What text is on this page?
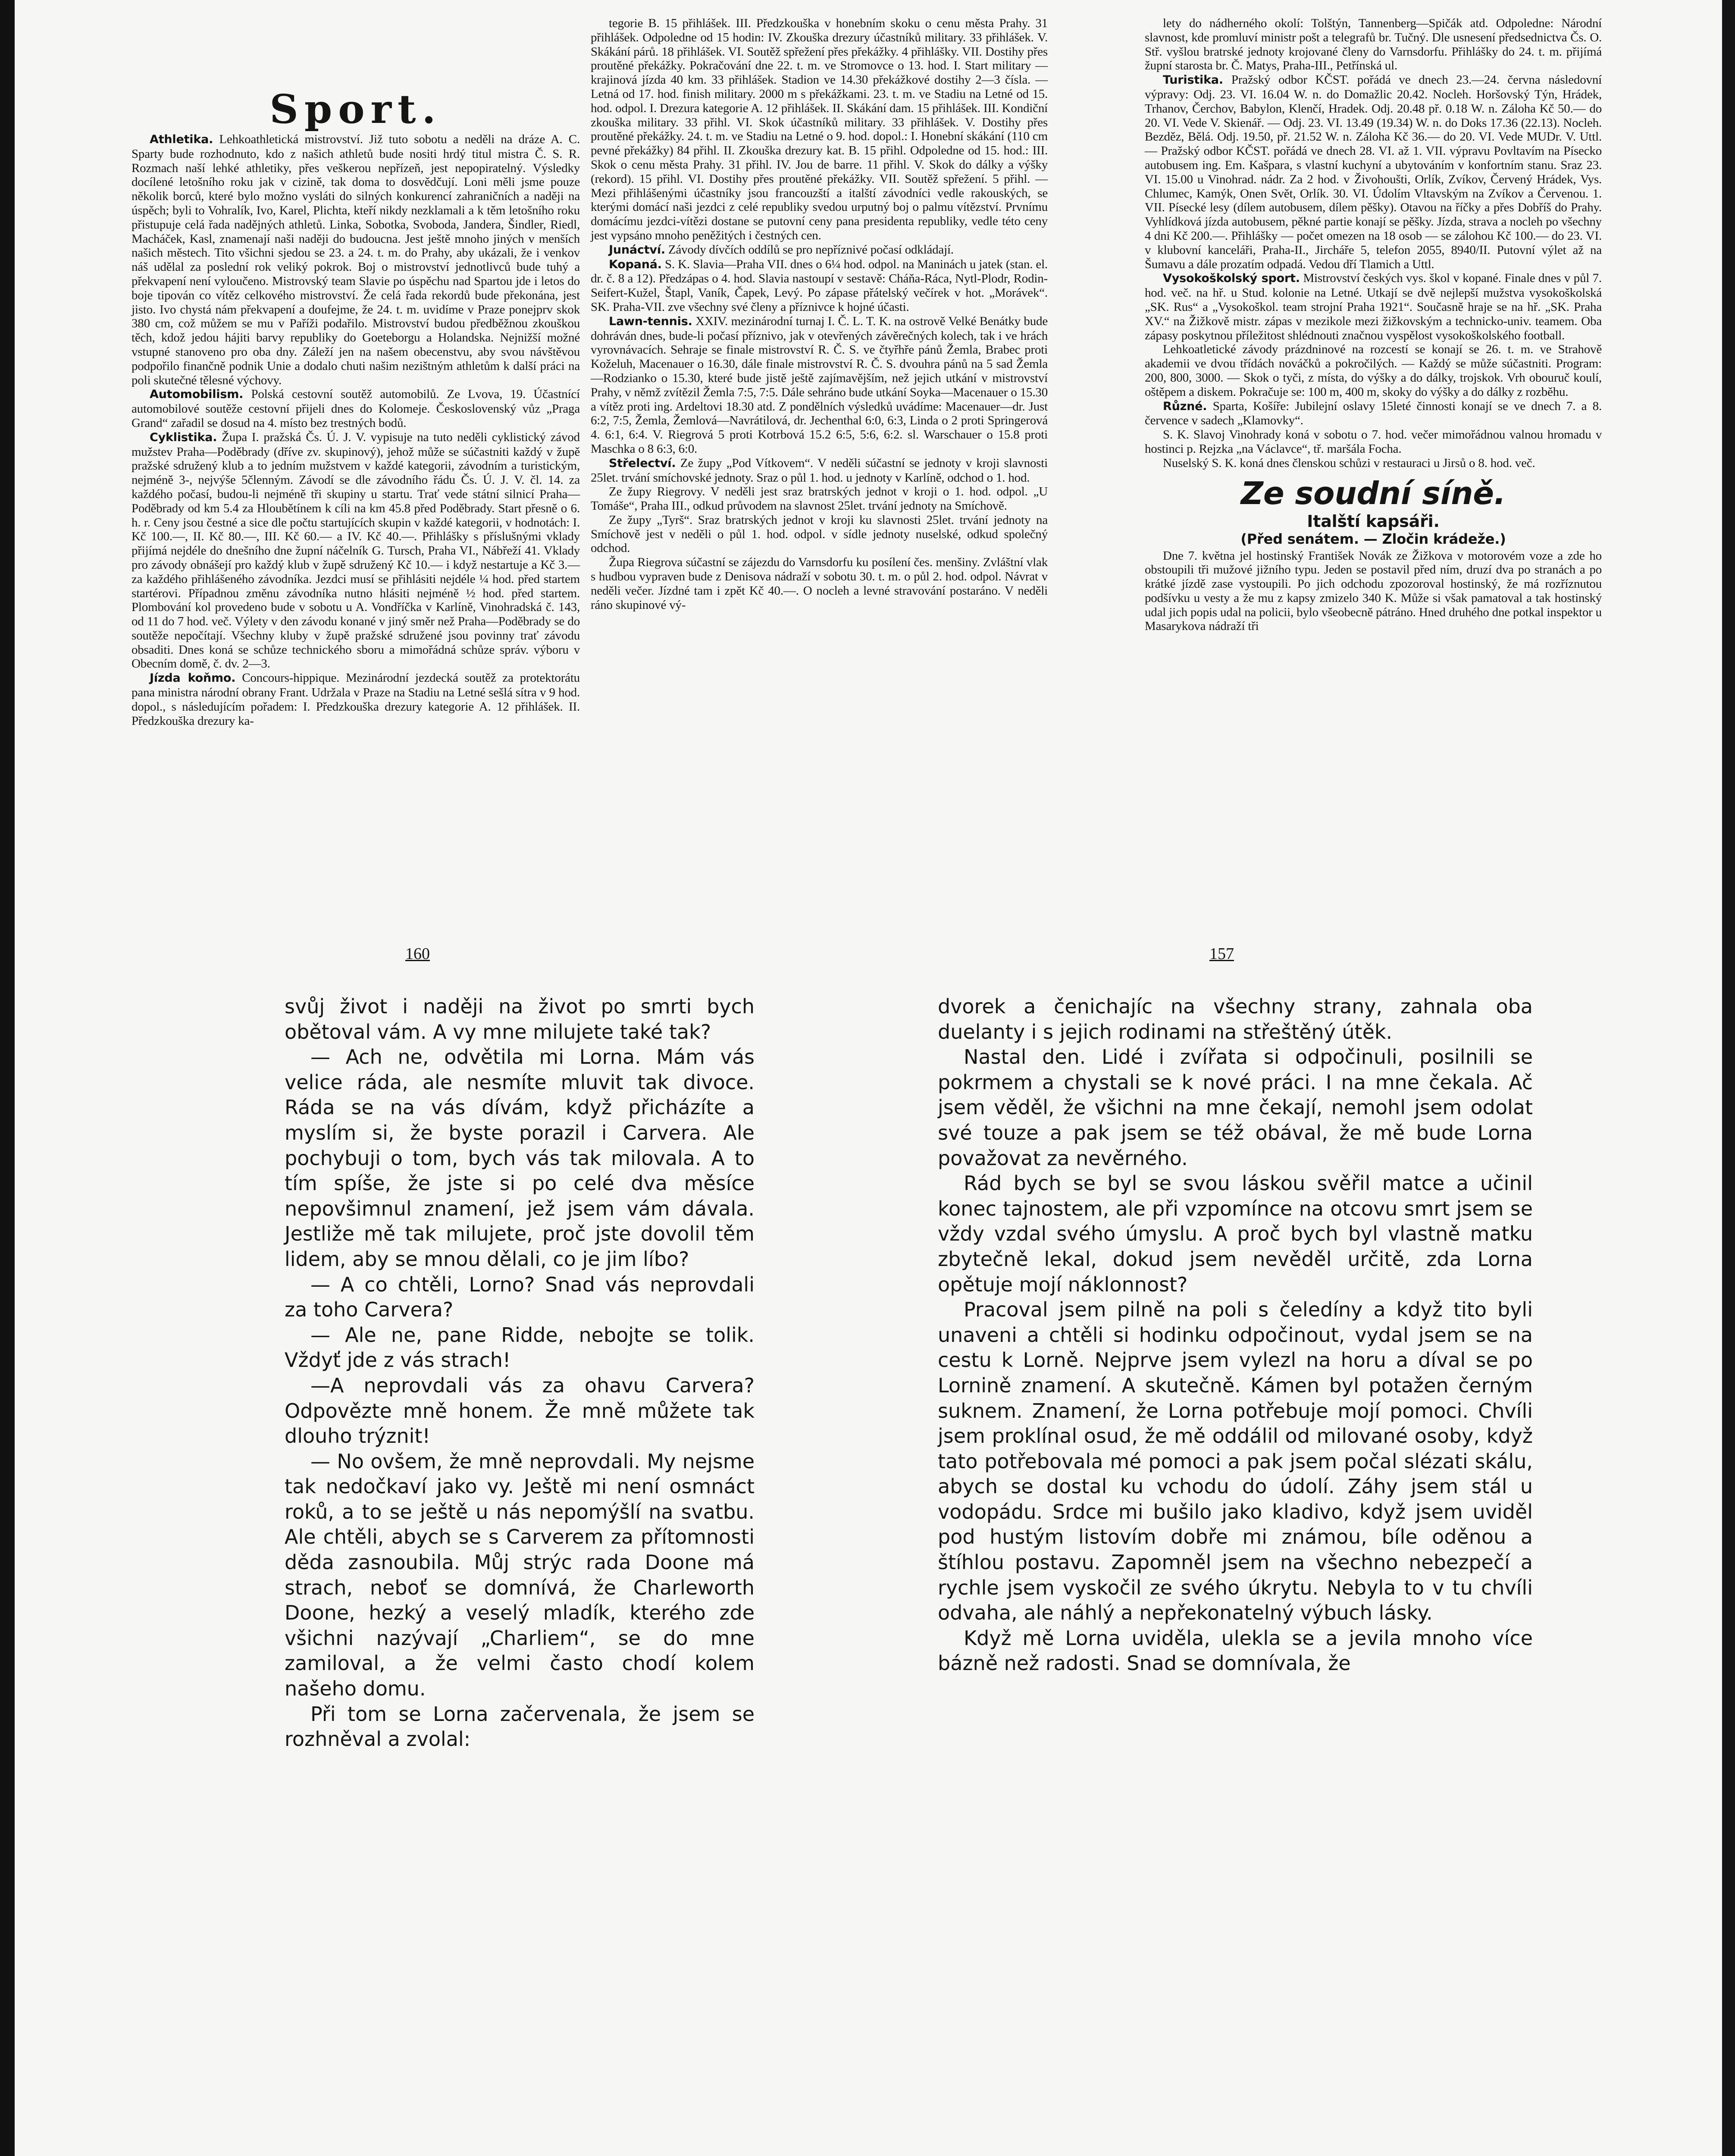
Sport.

Athletika. Lehkoathletická mistrovství. Již tuto sobotu a neděli na dráze A. C. Sparty bude rozhodnuto, kdo z našich athletů bude nositi hrdý titul mistra Č. S. R. Rozmach naší lehké athletiky, přes veškerou nepřízeň, jest nepopiratelný. Výsledky docílené letošního roku jak v cizině, tak doma to dosvědčují. Loni měli jsme pouze několik borců, které bylo možno vysláti do silných konkurencí zahraničních a naději na úspěch; byli to Vohralík, Ivo, Karel, Plichta, kteří nikdy nezklamali a k těm letošního roku přistupuje celá řada nadějných athletů. Linka, Sobotka, Svoboda, Jandera, Šindler, Riedl, Macháček, Kasl, znamenají naši naději do budoucna. Jest ještě mnoho jiných v menších našich městech. Tito všichni sjedou se 23. a 24. t. m. do Prahy, aby ukázali, že i venkov náš udělal za poslední rok veliký pokrok. Boj o mistrovství jednotlivců bude tuhý a překvapení není vyloučeno. Mistrovský team Slavie po úspěchu nad Spartou jde i letos do boje tipován co vítěz celkového mistrovství. Že celá řada rekordů bude překonána, jest jisto. Ivo chystá nám překvapení a doufejme, že 24. t. m. uvidíme v Praze ponejprv skok 380 cm, což můžem se mu v Paříži podařilo. Mistrovství budou předběžnou zkouškou těch, kdož jedou hájiti barvy republiky do Goeteborgu a Holandska. Nejnižší možné vstupné stanoveno pro oba dny. Záleží jen na našem obecenstvu, aby svou návštěvou podpořilo finančně podnik Unie a dodalo chuti našim nezištným athletům k další práci na poli skutečné tělesné výchovy.

Automobilism. Polská cestovní soutěž automobilů. Ze Lvova, 19. Účastnící automobilové soutěže cestovní přijeli dnes do Kolomeje. Československý vůz „Praga Grand“ zařadil se dosud na 4. místo bez trestných bodů.

Cyklistika. Župa I. pražská Čs. Ú. J. V. vypisuje na tuto neděli cyklistický závod mužstev Praha—Poděbrady (dříve zv. skupinový), jehož může se súčastniti každý v župě pražské sdružený klub a to jedním mužstvem v každé kategorii, závodním a turistickým, nejméně 3-, nejvýše 5členným. Závodí se dle závodního řádu Čs. Ú. J. V. čl. 14. za každého počasí, budou-li nejméně tři skupiny u startu. Trať vede státní silnicí Praha—Poděbrady od km 5.4 za Hloubětínem k cíli na km 45.8 před Poděbrady. Start přesně o 6. h. r. Ceny jsou čestné a sice dle počtu startujících skupin v každé kategorii, v hodnotách: I. Kč 100.—, II. Kč 80.—, III. Kč 60.— a IV. Kč 40.—. Přihlášky s příslušnými vklady přijímá nejdéle do dnešního dne župní náčelník G. Tursch, Praha VI., Nábřeží 41. Vklady pro závody obnášejí pro každý klub v župě sdružený Kč 10.— i když nestartuje a Kč 3.— za každého přihlášeného závodníka. Jezdci musí se přihlásiti nejdéle ¼ hod. před startem startérovi. Případnou změnu závodníka nutno hlásiti nejméně ½ hod. před startem. Plombování kol provedeno bude v sobotu u A. Vondříčka v Karlíně, Vinohradská č. 143, od 11 do 7 hod. več. Výlety v den závodu konané v jiný směr než Praha—Poděbrady se do soutěže nepočítají. Všechny kluby v župě pražské sdružené jsou povinny trať závodu obsaditi. Dnes koná se schůze technického sboru a mimořádná schůze správ. výboru v Obecním domě, č. dv. 2—3.

Jízda koňmo. Concours-hippique. Mezinárodní jezdecká soutěž za protektorátu pana ministra národní obrany Frant. Udržala v Praze na Stadiu na Letné sešlá sítra v 9 hod. dopol., s následujícím pořadem: I. Předzkouška drezury kategorie A. 12 přihlášek. II. Předzkouška drezury ka-

tegorie B. 15 přihlášek. III. Předzkouška v honebním skoku o cenu města Prahy. 31 přihlášek. Odpoledne od 15 hodin: IV. Zkouška drezury účastníků military. 33 přihlášek. V. Skákání párů. 18 přihlášek. VI. Soutěž spřežení přes překážky. 4 přihlášky. VII. Dostihy přes proutěné překážky. Pokračování dne 22. t. m. ve Stromovce o 13. hod. I. Start military — krajinová jízda 40 km. 33 přihlášek. Stadion ve 14.30 překážkové dostihy 2—3 čísla. — Letná od 17. hod. finish military. 2000 m s překážkami. 23. t. m. ve Stadiu na Letné od 15. hod. odpol. I. Drezura kategorie A. 12 přihlášek. II. Skákání dam. 15 přihlášek. III. Kondiční zkouška military. 33 přihl. VI. Skok účastníků military. 33 přihlášek. V. Dostihy přes proutěné překážky. 24. t. m. ve Stadiu na Letné o 9. hod. dopol.: I. Honební skákání (110 cm pevné překážky) 84 přihl. II. Zkouška drezury kat. B. 15 přihl. Odpoledne od 15. hod.: III. Skok o cenu města Prahy. 31 přihl. IV. Jou de barre. 11 přihl. V. Skok do dálky a výšky (rekord). 15 přihl. VI. Dostihy přes proutěné překážky. VII. Soutěž spřežení. 5 přihl. — Mezi přihlášenými účastníky jsou francouzští a italští závodníci vedle rakouských, se kterými domácí naši jezdci z celé republiky svedou urputný boj o palmu vítězství. Prvnímu domácímu jezdci-vítězi dostane se putovní ceny pana presidenta republiky, vedle této ceny jest vypsáno mnoho peněžitých i čestných cen.

Junáctví. Závody dívčích oddílů se pro nepříznivé počasí odkládají.

Kopaná. S. K. Slavia—Praha VII. dnes o 6¼ hod. odpol. na Maninách u jatek (stan. el. dr. č. 8 a 12). Předzápas o 4. hod. Slavia nastoupí v sestavě: Cháňa-Ráca, Nytl-Plodr, Rodin-Seifert-Kužel, Štapl, Vaník, Čapek, Levý. Po zápase přátelský večírek v hot. „Morávek“. SK. Praha-VII. zve všechny své členy a příznivce k hojné účasti.

Lawn-tennis. XXIV. mezinárodní turnaj I. Č. L. T. K. na ostrově Velké Benátky bude dohráván dnes, bude-li počasí příznivo, jak v otevřených závěrečných kolech, tak i ve hrách vyrovnávacích. Sehraje se finale mistrovství R. Č. S. ve čtyřhře pánů Žemla, Brabec proti Koželuh, Macenauer o 16.30, dále finale mistrovství R. Č. S. dvouhra pánů na 5 sad Žemla—Rodzianko o 15.30, které bude jistě ještě zajímavějším, než jejich utkání v mistrovství Prahy, v němž zvítězil Žemla 7:5, 7:5. Dále sehráno bude utkání Soyka—Macenauer o 15.30 a vítěz proti ing. Ardeltovi 18.30 atd. Z pondělních výsledků uvádíme: Macenauer—dr. Just 6:2, 7:5, Žemla, Žemlová—Navrátilová, dr. Jechenthal 6:0, 6:3, Linda o 2 proti Springerová 4. 6:1, 6:4. V. Riegrová 5 proti Kotrbová 15.2 6:5, 5:6, 6:2. sl. Warschauer o 15.8 proti Maschka o 8 6:3, 6:0.

Střelectví. Ze župy „Pod Vítkovem“. V neděli súčastní se jednoty v kroji slavnosti 25let. trvání smíchovské jednoty. Sraz o půl 1. hod. u jednoty v Karlíně, odchod o 1. hod.

Ze župy Riegrovy. V neděli jest sraz bratrských jednot v kroji o 1. hod. odpol. „U Tomáše“, Praha III., odkud průvodem na slavnost 25let. trvání jednoty na Smíchově.

Ze župy „Tyrš“. Sraz bratrských jednot v kroji ku slavnosti 25let. trvání jednoty na Smíchově jest v neděli o půl 1. hod. odpol. v sídle jednoty nuselské, odkud společný odchod.

Župa Riegrova súčastní se zájezdu do Varnsdorfu ku posílení čes. menšiny. Zvláštní vlak s hudbou vypraven bude z Denisova nádraží v sobotu 30. t. m. o půl 2. hod. odpol. Návrat v neděli večer. Jízdné tam i zpět Kč 40.—. O nocleh a levné stravování postaráno. V neděli ráno skupinové vý-

lety do nádherného okolí: Tolštýn, Tannenberg—Spičák atd. Odpoledne: Národní slavnost, kde promluví ministr pošt a telegrafů br. Tučný. Dle usnesení předsednictva Čs. O. Stř. vyšlou bratrské jednoty krojované členy do Varnsdorfu. Přihlášky do 24. t. m. přijímá župní starosta br. Č. Matys, Praha-III., Petřínská ul.

Turistika. Pražský odbor KČST. pořádá ve dnech 23.—24. června následovní výpravy: Odj. 23. VI. 16.04 W. n. do Domažlic 20.42. Nocleh. Horšovský Týn, Hrádek, Trhanov, Čerchov, Babylon, Klenčí, Hradek. Odj. 20.48 př. 0.18 W. n. Záloha Kč 50.— do 20. VI. Vede V. Skienář. — Odj. 23. VI. 13.49 (19.34) W. n. do Doks 17.36 (22.13). Nocleh. Bezděz, Bělá. Odj. 19.50, př. 21.52 W. n. Záloha Kč 36.— do 20. VI. Vede MUDr. V. Uttl. — Pražský odbor KČST. pořádá ve dnech 28. VI. až 1. VII. výpravu Povltavím na Písecko autobusem ing. Em. Kašpara, s vlastní kuchyní a ubytováním v konfortním stanu. Sraz 23. VI. 15.00 u Vinohrad. nádr. Za 2 hod. v Živohoušti, Orlík, Zvíkov, Červený Hrádek, Vys. Chlumec, Kamýk, Onen Svět, Orlík. 30. VI. Údolím Vltavským na Zvíkov a Červenou. 1. VII. Písecké lesy (dílem autobusem, dílem pěšky). Otavou na říčky a přes Dobříš do Prahy. Vyhlídková jízda autobusem, pěkné partie konají se pěšky. Jízda, strava a nocleh po všechny 4 dni Kč 200.—. Přihlášky — počet omezen na 18 osob — se zálohou Kč 100.— do 23. VI. v klubovní kanceláři, Praha-II., Jircháře 5, telefon 2055, 8940/II. Putovní výlet až na Šumavu a dále prozatím odpadá. Vedou dří Tlamich a Uttl.

Vysokoškolský sport. Mistrovství českých vys. škol v kopané. Finale dnes v půl 7. hod. več. na hř. u Stud. kolonie na Letné. Utkají se dvě nejlepší mužstva vysokoškolská „SK. Rus“ a „Vysokoškol. team strojní Praha 1921“. Současně hraje se na hř. „SK. Praha XV.“ na Žižkově mistr. zápas v mezikole mezi žižkovským a technicko-univ. teamem. Oba zápasy poskytnou příležitost shlédnouti značnou vyspělost vysokoškolského football.

Lehkoatletické závody prázdninové na rozcestí se konají se 26. t. m. ve Strahově akademii ve dvou třídách nováčků a pokročilých. — Každý se může súčastniti. Program: 200, 800, 3000. — Skok o tyči, z místa, do výšky a do dálky, trojskok. Vrh obouruč koulí, oštěpem a diskem. Pokračuje se: 100 m, 400 m, skoky do výšky a do dálky z rozběhu.

Různé. Sparta, Košíře: Jubilejní oslavy 15leté činnosti konají se ve dnech 7. a 8. července v sadech „Klamovky“.

S. K. Slavoj Vinohrady koná v sobotu o 7. hod. večer mimořádnou valnou hromadu v hostinci p. Rejzka „na Václavce“, tř. maršála Focha.

Nuselský S. K. koná dnes členskou schůzi v restauraci u Jirsů o 8. hod. več.

Ze soudní síně.
Italští kapsáři.
(Před senátem. — Zločin krádeže.)

Dne 7. května jel hostinský František Novák ze Žižkova v motorovém voze a zde ho obstoupili tři mužové jižního typu. Jeden se postavil před ním, druzí dva po stranách a po krátké jízdě zase vystoupili. Po jich odchodu zpozoroval hostinský, že má rozříznutou podšívku u vesty a že mu z kapsy zmizelo 340 K. Může si však pamatoval a tak hostinský udal jich popis udal na policii, bylo všeobecně pátráno. Hned druhého dne potkal inspektor u Masarykova nádraží tři

160	157

svůj život i naději na život po smrti bych obětoval vám. A vy mne milujete také tak?

— Ach ne, odvětila mi Lorna. Mám vás velice ráda, ale nesmíte mluvit tak divoce. Ráda se na vás dívám, když přicházíte a myslím si, že byste porazil i Carvera. Ale pochybuji o tom, bych vás tak milovala. A to tím spíše, že jste si po celé dva měsíce nepovšimnul znamení, jež jsem vám dávala. Jestliže mě tak milujete, proč jste dovolil těm lidem, aby se mnou dělali, co je jim líbo?

— A co chtěli, Lorno? Snad vás neprovdali za toho Carvera?

— Ale ne, pane Ridde, nebojte se tolik. Vždyť jde z vás strach!

—A neprovdali vás za ohavu Carvera? Odpovězte mně honem. Že mně můžete tak dlouho trýznit!

— No ovšem, že mně neprovdali. My nejsme tak nedočkaví jako vy. Ještě mi není osmnáct roků, a to se ještě u nás nepomýšlí na svatbu. Ale chtěli, abych se s Carverem za přítomnosti děda zasnoubila. Můj strýc rada Doone má strach, neboť se domnívá, že Charleworth Doone, hezký a veselý mladík, kterého zde všichni nazývají „Charliem“, se do mne zamiloval, a že velmi často chodí kolem našeho domu.

Při tom se Lorna začervenala, že jsem se rozhněval a zvolal:

dvorek a čenichajíc na všechny strany, zahnala oba duelanty i s jejich rodinami na střeštěný útěk.

Nastal den. Lidé i zvířata si odpočinuli, posilnili se pokrmem a chystali se k nové práci. I na mne čekala. Ač jsem věděl, že všichni na mne čekají, nemohl jsem odolat své touze a pak jsem se též obával, že mě bude Lorna považovat za nevěrného.

Rád bych se byl se svou láskou svěřil matce a učinil konec tajnostem, ale při vzpomínce na otcovu smrt jsem se vždy vzdal svého úmyslu. A proč bych byl vlastně matku zbytečně lekal, dokud jsem nevěděl určitě, zda Lorna opětuje mojí náklonnost?

Pracoval jsem pilně na poli s čeledíny a když tito byli unaveni a chtěli si hodinku odpočinout, vydal jsem se na cestu k Lorně. Nejprve jsem vylezl na horu a díval se po Lornině znamení. A skutečně. Kámen byl potažen černým suknem. Znamení, že Lorna potřebuje mojí pomoci. Chvíli jsem proklínal osud, že mě oddálil od milované osoby, když tato potřebovala mé pomoci a pak jsem počal slézati skálu, abych se dostal ku vchodu do údolí. Záhy jsem stál u vodopádu. Srdce mi bušilo jako kladivo, když jsem uviděl pod hustým listovím dobře mi známou, bíle oděnou a štíhlou postavu. Zapomněl jsem na všechno nebezpečí a rychle jsem vyskočil ze svého úkrytu. Nebyla to v tu chvíli odvaha, ale náhlý a nepřekonatelný výbuch lásky.

Když mě Lorna uviděla, ulekla se a jevila mnoho více bázně než radosti. Snad se domnívala, že
